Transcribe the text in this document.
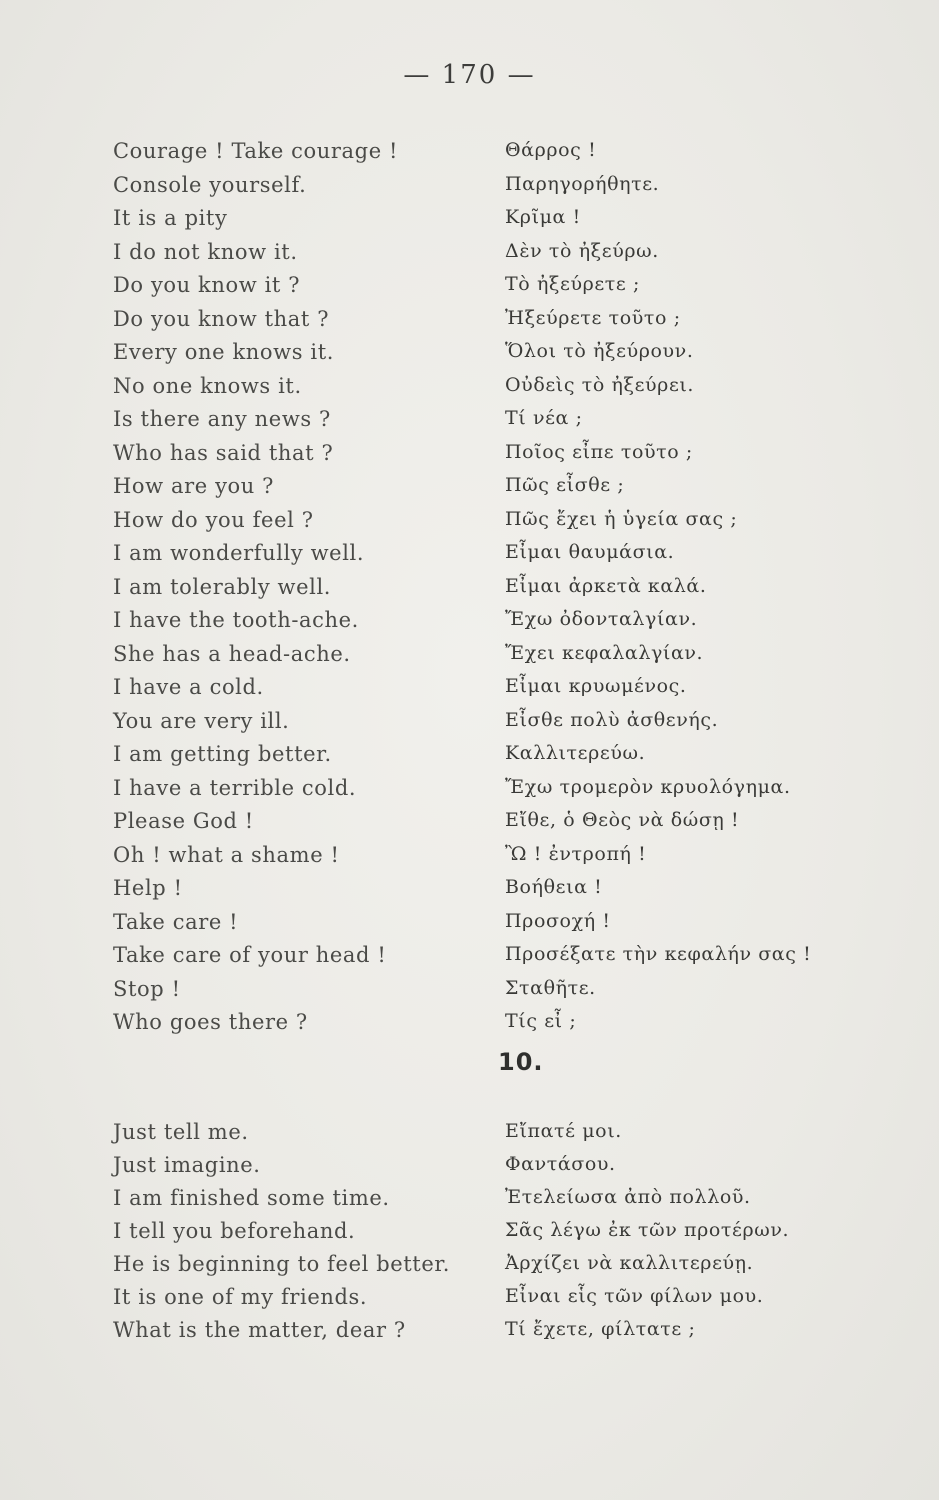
— 170 —
Courage ! Take courage !	Θάρρος !
Console yourself.	Παρηγορήθητε.
It is a pity	Κρῖμα !
I do not know it.	Δὲν τὸ ἠξεύρω.
Do you know it ?	Τὸ ἠξεύρετε ;
Do you know that ?	Ἠξεύρετε τοῦτο ;
Every one knows it.	Ὅλοι τὸ ἠξεύρουν.
No one knows it.	Οὐδεὶς τὸ ἠξεύρει.
Is there any news ?	Τί νέα ;
Who has said that ?	Ποῖος εἶπε τοῦτο ;
How are you ?	Πῶς εἶσθε ;
How do you feel ?	Πῶς ἔχει ἡ ὑγεία σας ;
I am wonderfully well.	Εἶμαι θαυμάσια.
I am tolerably well.	Εἶμαι ἀρκετὰ καλά.
I have the tooth-ache.	Ἔχω ὀδονταλγίαν.
She has a head-ache.	Ἔχει κεφαλαλγίαν.
I have a cold.	Εἶμαι κρυωμένος.
You are very ill.	Εἶσθε πολὺ ἀσθενής.
I am getting better.	Καλλιτερεύω.
I have a terrible cold.	Ἔχω τρομερὸν κρυολόγημα.
Please God !	Εἴθε, ὁ Θεὸς νὰ δώσῃ !
Oh ! what a shame !	Ὢ ! ἐντροπή !
Help !	Βοήθεια !
Take care !	Προσοχή !
Take care of your head !	Προσέξατε τὴν κεφαλήν σας !
Stop !	Σταθῆτε.
Who goes there ?	Τίς εἶ ;
10.
Just tell me.	Εἴπατέ μοι.
Just imagine.	Φαντάσου.
I am finished some time.	Ἐτελείωσα ἀπὸ πολλοῦ.
I tell you beforehand.	Σᾶς λέγω ἐκ τῶν προτέρων.
He is beginning to feel better.	Ἀρχίζει νὰ καλλιτερεύῃ.
It is one of my friends.	Εἶναι εἷς τῶν φίλων μου.
What is the matter, dear ?	Τί ἔχετε, φίλτατε ;
